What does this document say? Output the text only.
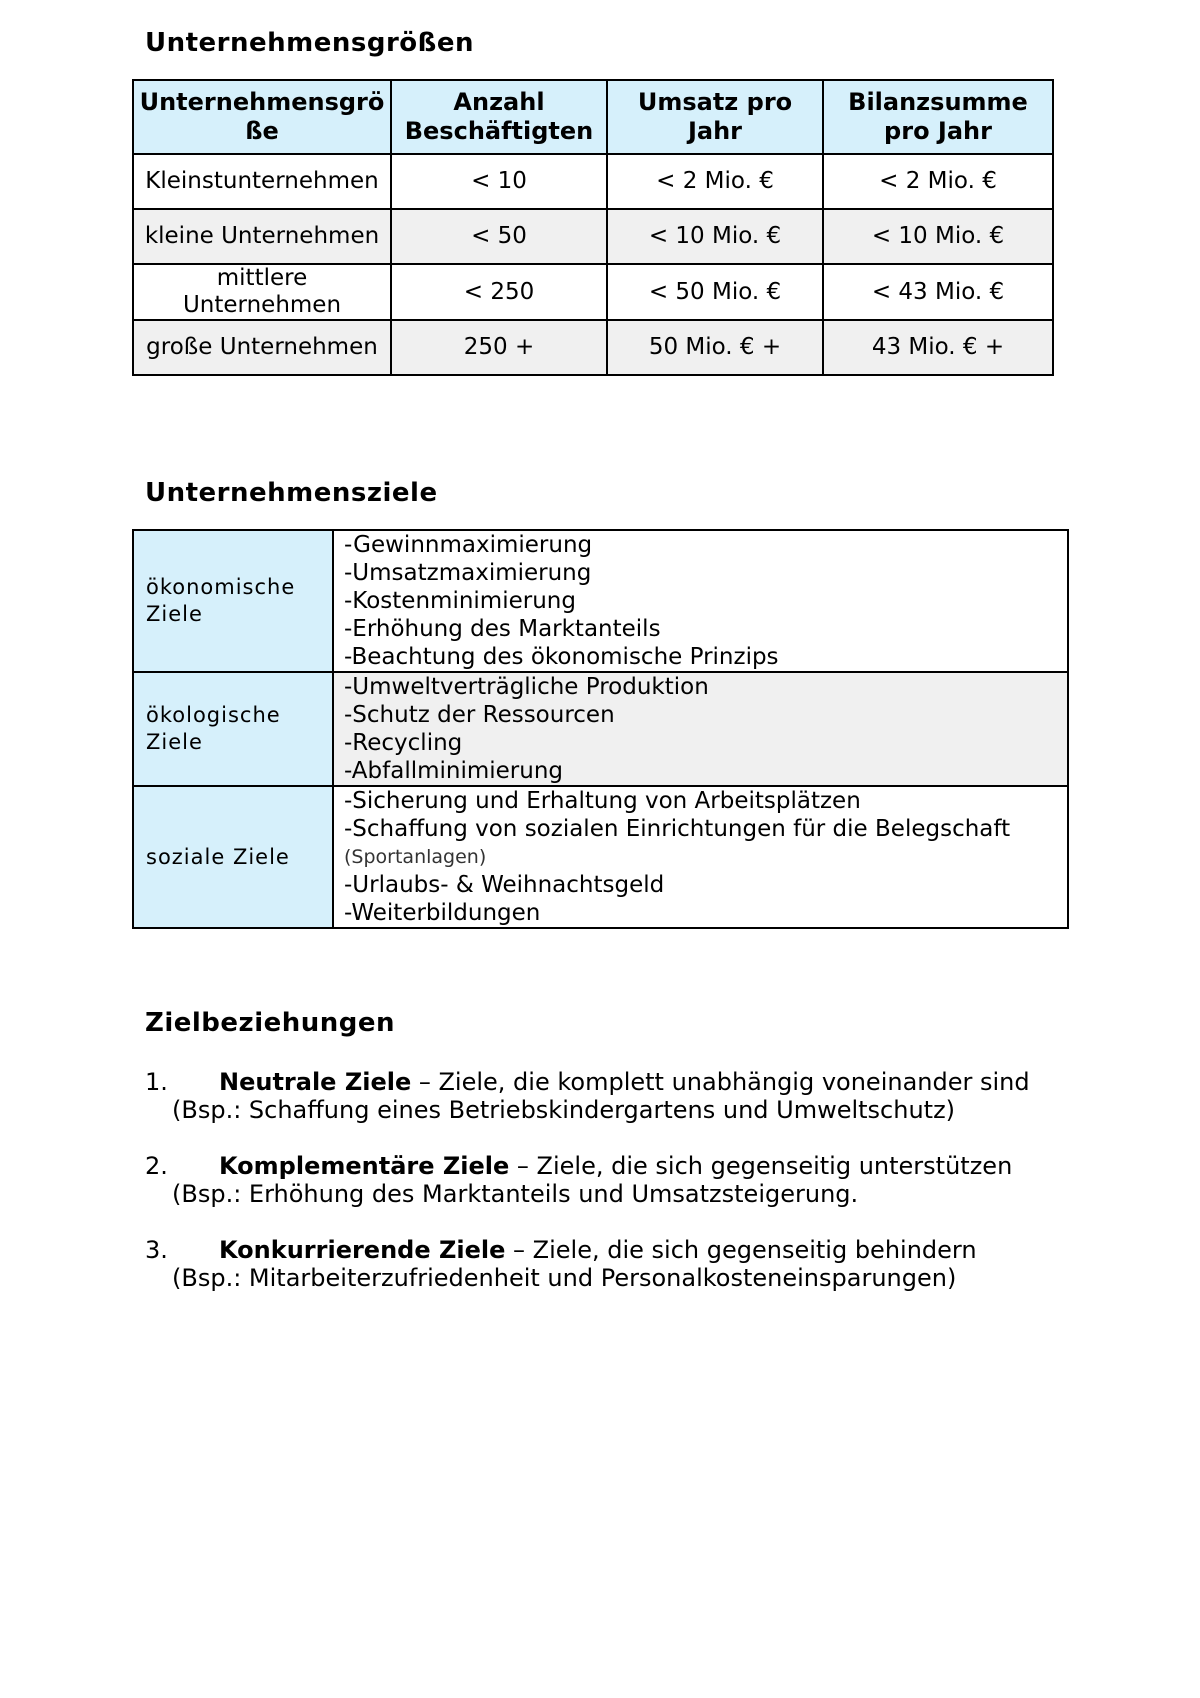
Unternehmensgrößen
Unternehmensgröße	Anzahl Beschäftigten	Umsatz pro Jahr	Bilanzsumme pro Jahr
Kleinstunternehmen	< 10	< 2 Mio. €	< 2 Mio. €
kleine Unternehmen	< 50	< 10 Mio. €	< 10 Mio. €
mittlere Unternehmen	< 250	< 50 Mio. €	< 43 Mio. €
große Unternehmen	250 +	50 Mio. € +	43 Mio. € +
Unternehmensziele
ökonomische Ziele	-Gewinnmaximierung
-Umsatzmaximierung
-Kostenminimierung
-Erhöhung des Marktanteils
-Beachtung des ökonomische Prinzips

ökologische Ziele	-Umweltverträgliche Produktion
-Schutz der Ressourcen
-Recycling
-Abfallminimierung

soziale Ziele	-Sicherung und Erhaltung von Arbeitsplätzen
-Schaffung von sozialen Einrichtungen für die Belegschaft
(Sportanlagen)
-Urlaubs- & Weihnachtsgeld
-Weiterbildungen
Zielbeziehungen
1.	Neutrale Ziele – Ziele, die komplett unabhängig voneinander sind
(Bsp.: Schaffung eines Betriebskindergartens und Umweltschutz)
2.	Komplementäre Ziele – Ziele, die sich gegenseitig unterstützen
(Bsp.: Erhöhung des Marktanteils und Umsatzsteigerung.
3.	Konkurrierende Ziele – Ziele, die sich gegenseitig behindern
(Bsp.: Mitarbeiterzufriedenheit und Personalkosteneinsparungen)
